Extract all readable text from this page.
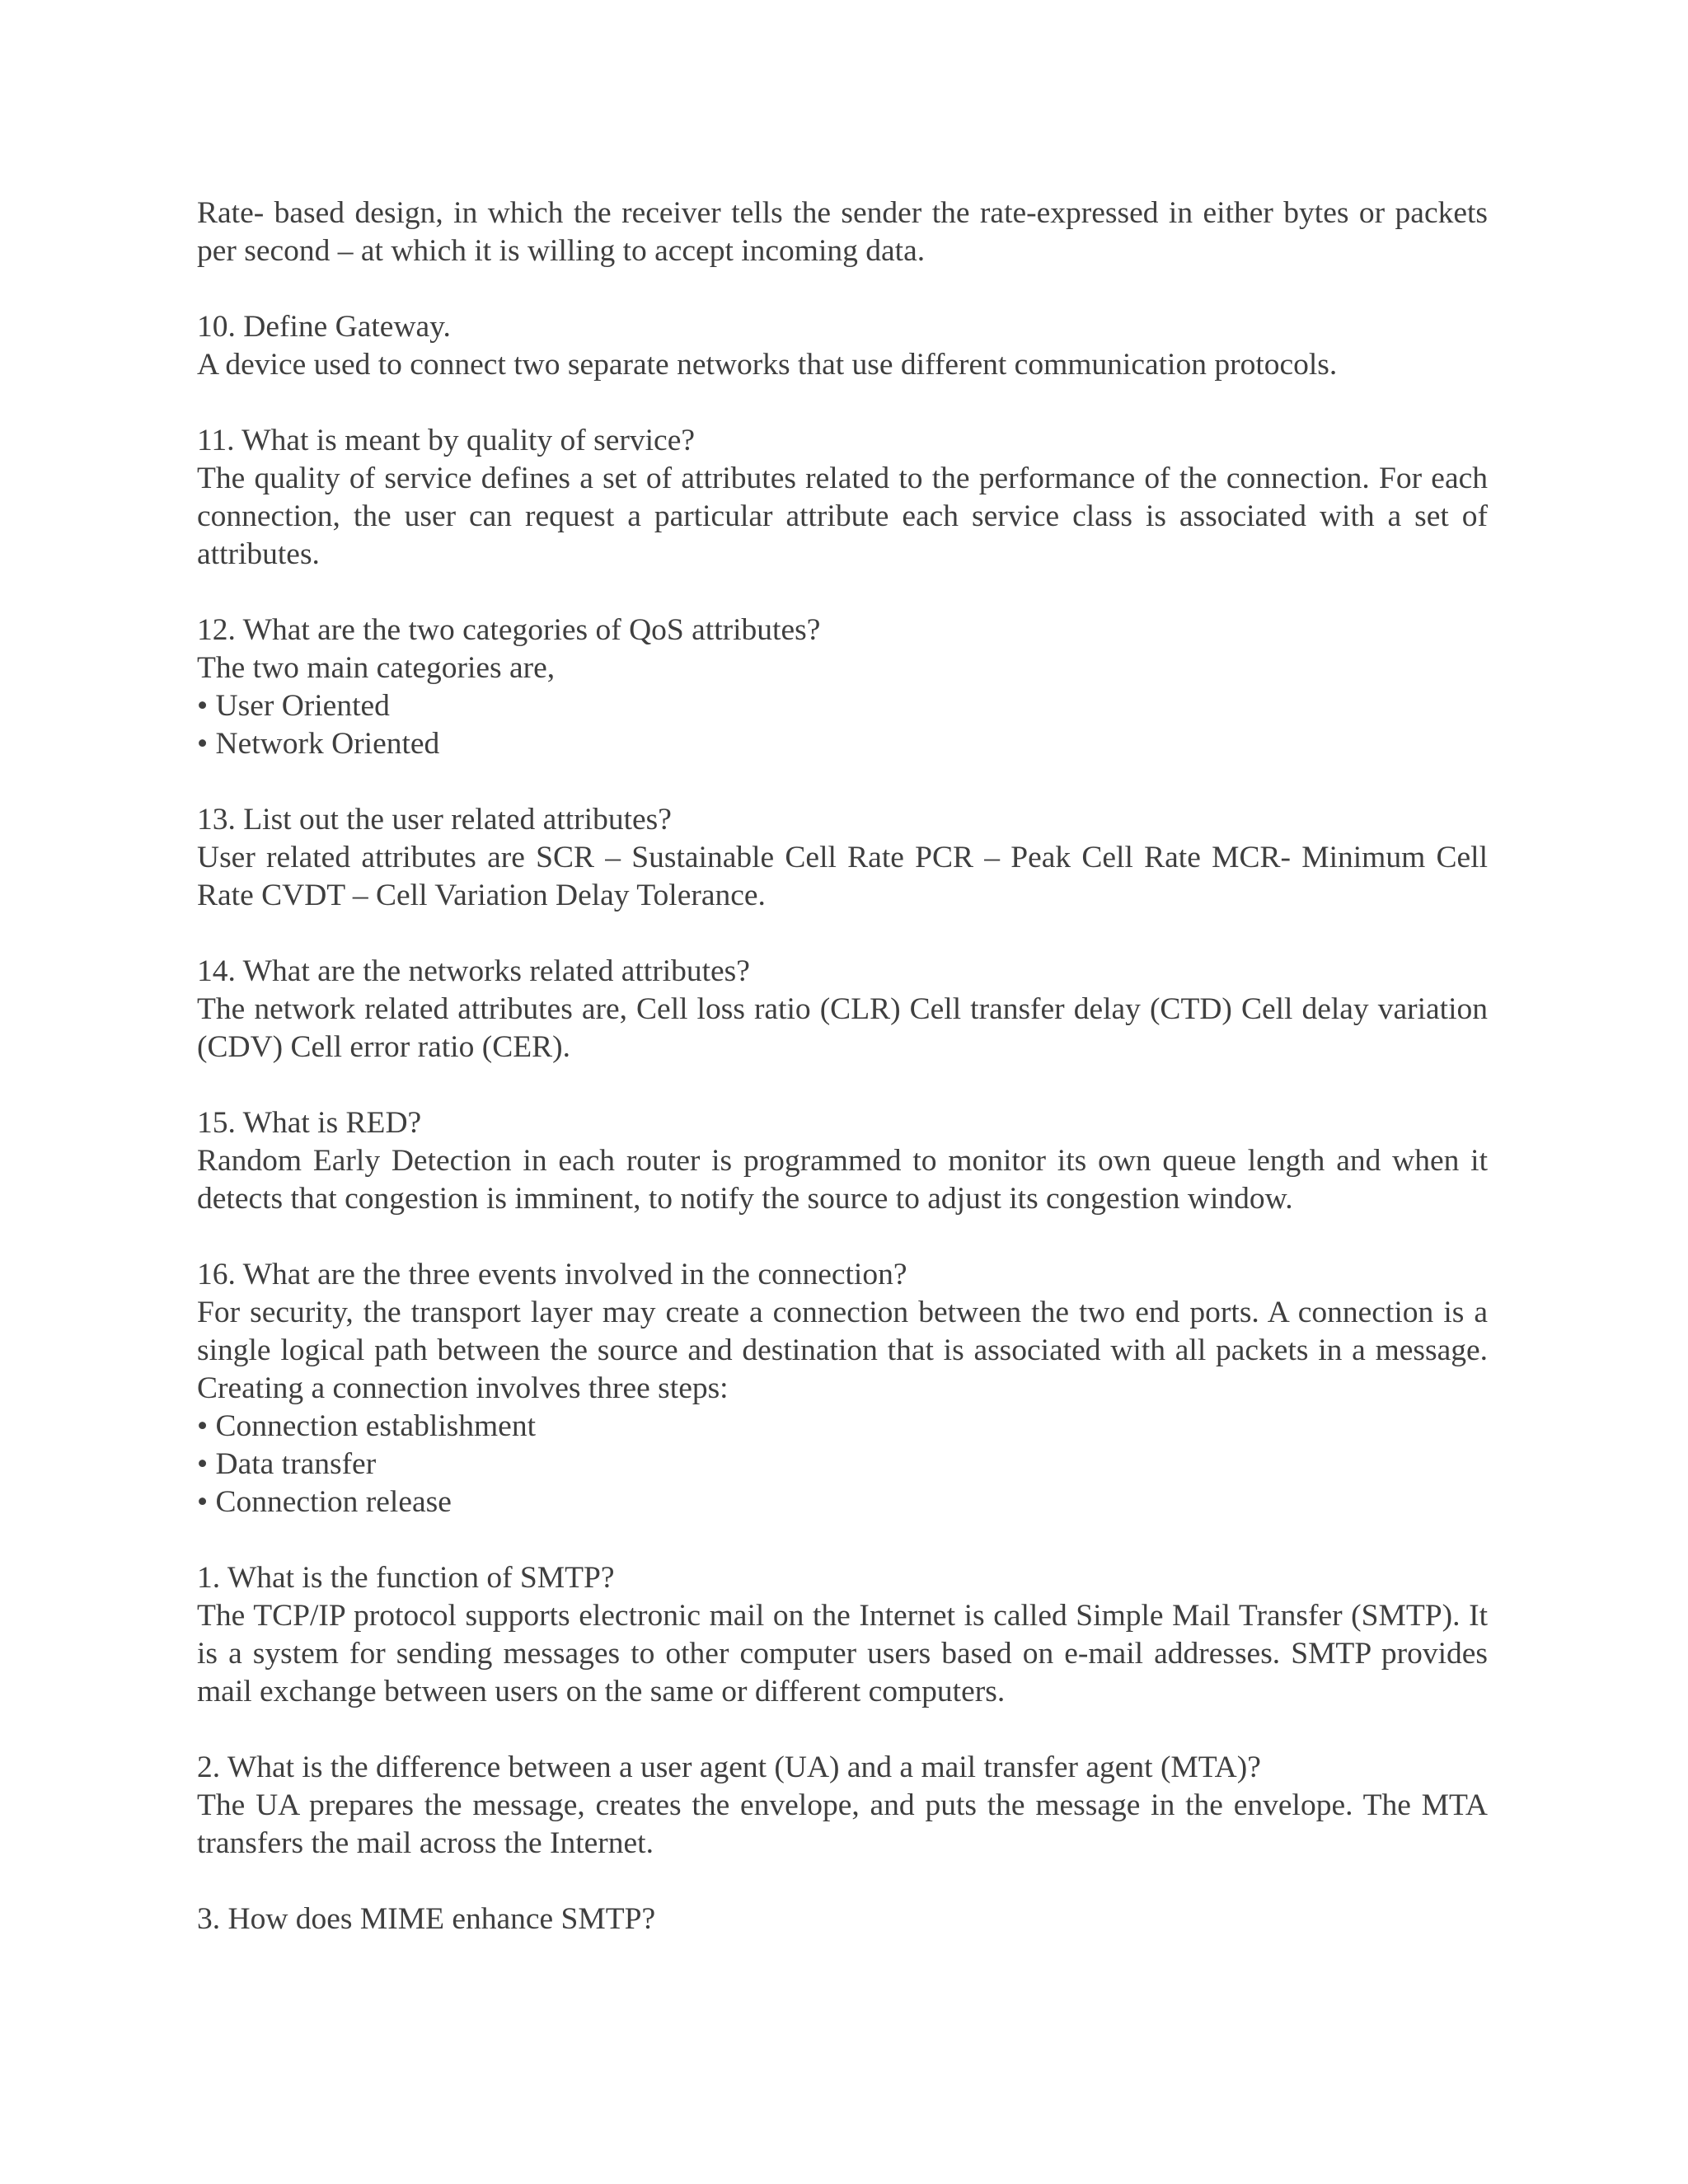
Rate- based design, in which the receiver tells the sender the rate-expressed in either bytes or packets per second – at which it is willing to accept incoming data.

10. Define Gateway.

A device used to connect two separate networks that use different communication protocols.

11. What is meant by quality of service?

The quality of service defines a set of attributes related to the performance of the connection. For each connection, the user can request a particular attribute each service class is associated with a set of attributes.

12. What are the two categories of QoS attributes?

The two main categories are,

• User Oriented
• Network Oriented

13. List out the user related attributes?

User related attributes are SCR – Sustainable Cell Rate PCR – Peak Cell Rate MCR- Minimum Cell Rate CVDT – Cell Variation Delay Tolerance.

14. What are the networks related attributes?

The network related attributes are, Cell loss ratio (CLR) Cell transfer delay (CTD) Cell delay variation (CDV) Cell error ratio (CER).

15. What is RED?

Random Early Detection in each router is programmed to monitor its own queue length and when it detects that congestion is imminent, to notify the source to adjust its congestion window.

16. What are the three events involved in the connection?

For security, the transport layer may create a connection between the two end ports. A connection is a single logical path between the source and destination that is associated with all packets in a message. Creating a connection involves three steps:

• Connection establishment
• Data transfer
• Connection release

1. What is the function of SMTP?

The TCP/IP protocol supports electronic mail on the Internet is called Simple Mail Transfer (SMTP). It is a system for sending messages to other computer users based on e-mail addresses. SMTP provides mail exchange between users on the same or different computers.

2. What is the difference between a user agent (UA) and a mail transfer agent (MTA)?

The UA prepares the message, creates the envelope, and puts the message in the envelope. The MTA transfers the mail across the Internet.

3. How does MIME enhance SMTP?
